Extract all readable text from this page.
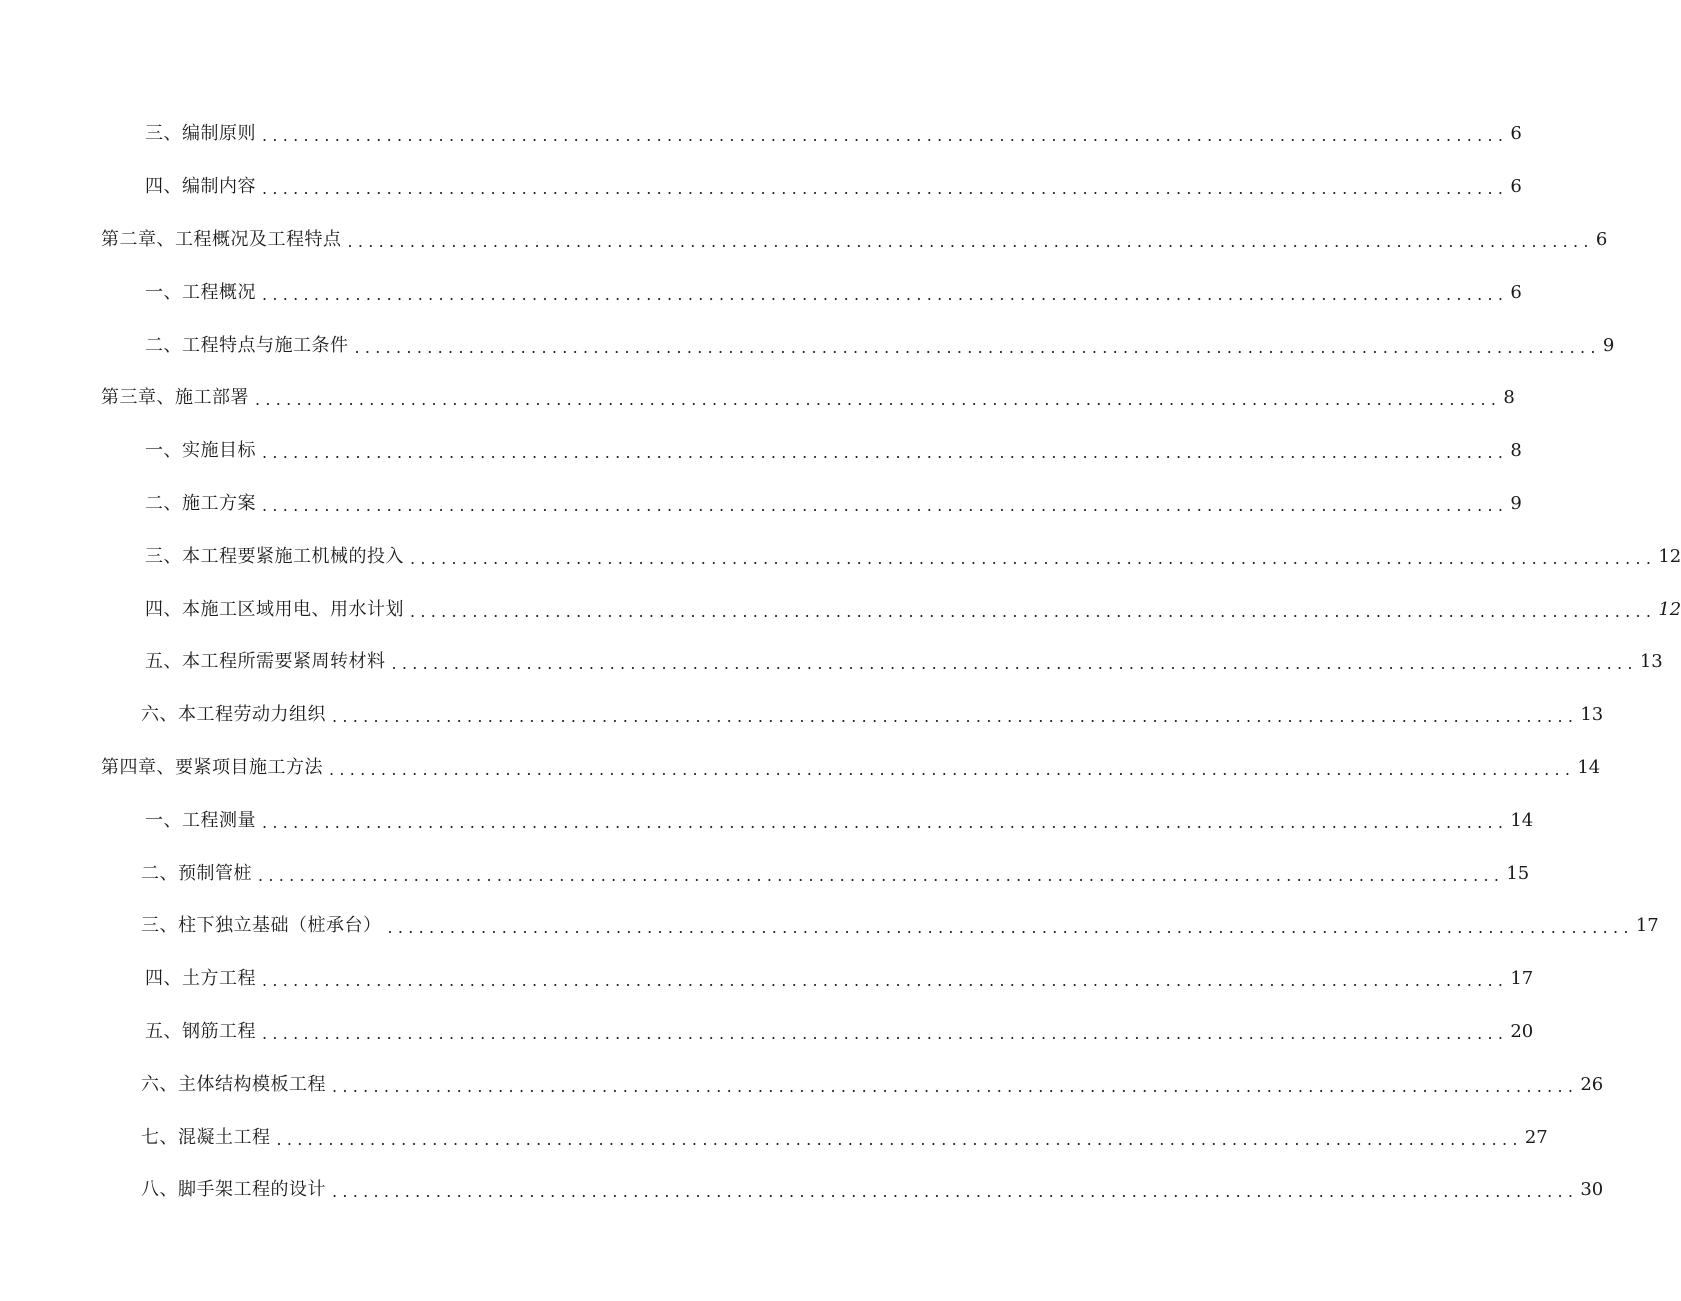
三、编制原则 ........................................................................................................................ 6
四、编制内容 ........................................................................................................................ 6
第二章、工程概况及工程特点 ........................................................................................................................ 6
一、工程概况 ........................................................................................................................ 6
二、工程特点与施工条件 ........................................................................................................................ 9
第三章、施工部署 ........................................................................................................................ 8
一、实施目标 ........................................................................................................................ 8
二、施工方案 ........................................................................................................................ 9
三、本工程要紧施工机械的投入 ........................................................................................................................ 12
四、本施工区域用电、用水计划 ........................................................................................................................ 12
五、本工程所需要紧周转材料 ........................................................................................................................ 13
六、本工程劳动力组织 ........................................................................................................................ 13
第四章、要紧项目施工方法 ........................................................................................................................ 14
一、工程测量 ........................................................................................................................ 14
二、预制管桩 ........................................................................................................................ 15
三、柱下独立基础（桩承台） ........................................................................................................................ 17
四、土方工程 ........................................................................................................................ 17
五、钢筋工程 ........................................................................................................................ 20
六、主体结构模板工程 ........................................................................................................................ 26
七、混凝土工程 ........................................................................................................................ 27
八、脚手架工程的设计 ........................................................................................................................ 30
